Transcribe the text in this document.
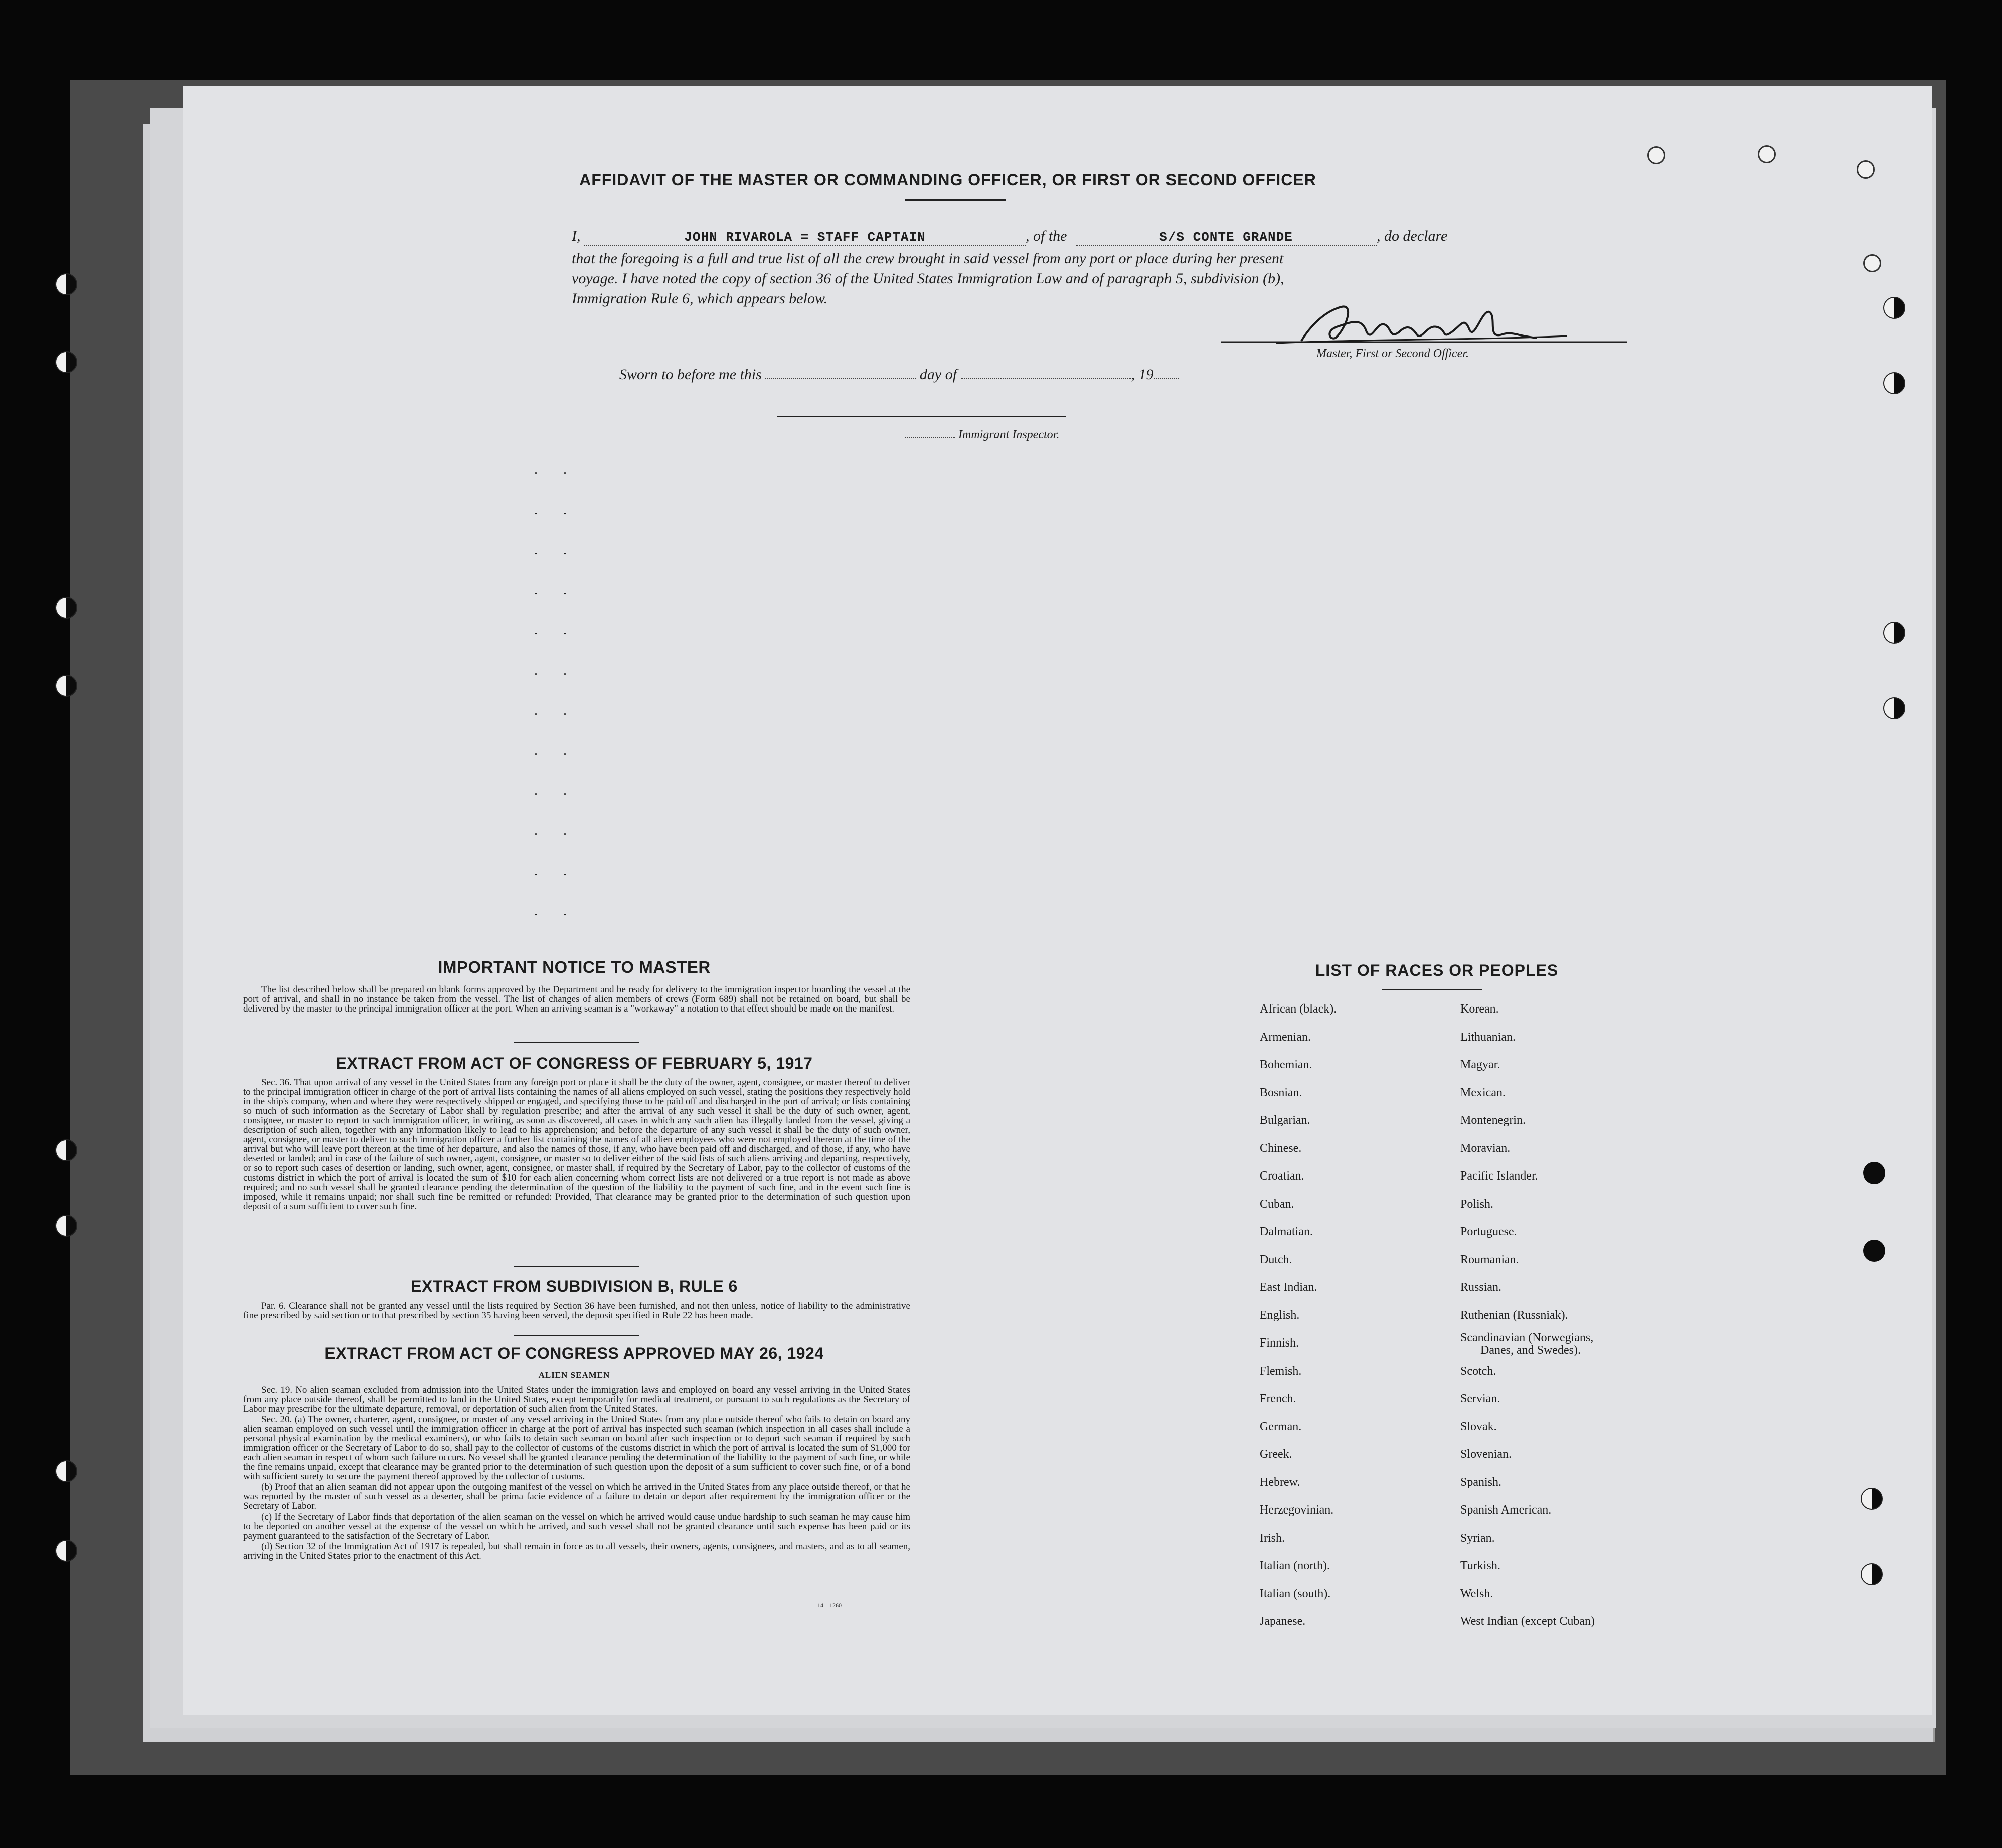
AFFIDAVIT OF THE MASTER OR COMMANDING OFFICER, OR FIRST OR SECOND OFFICER
I,	JOHN RIVAROLA = STAFF CAPTAIN	, of the	S/S CONTE GRANDE	, do declare
that the foregoing is a full and true list of all the crew brought in said vessel from any port or place during her present
voyage. I have noted the copy of section 36 of the United States Immigration Law and of paragraph 5, subdivision (b),
Immigration Rule 6, which appears below.
Master, First or Second Officer.
Sworn to before me this	day of	, 19
Immigrant Inspector.
. .
. .
. .
. .
. .
. .
. .
. .
. .
. .
. .
. .
IMPORTANT NOTICE TO MASTER

The list described below shall be prepared on blank forms approved by the Department and be ready for delivery to the immigration inspector boarding the vessel at the port of arrival, and shall in no instance be taken from the vessel. The list of changes of alien members of crews (Form 689) shall not be retained on board, but shall be delivered by the master to the principal immigration officer at the port. When an arriving seaman is a "workaway" a notation to that effect should be made on the manifest.

EXTRACT FROM ACT OF CONGRESS OF FEBRUARY 5, 1917

Sec. 36. That upon arrival of any vessel in the United States from any foreign port or place it shall be the duty of the owner, agent, consignee, or master thereof to deliver to the principal immigration officer in charge of the port of arrival lists containing the names of all aliens employed on such vessel, stating the positions they respectively hold in the ship's company, when and where they were respectively shipped or engaged, and specifying those to be paid off and discharged in the port of arrival; or lists containing so much of such information as the Secretary of Labor shall by regulation prescribe; and after the arrival of any such vessel it shall be the duty of such owner, agent, consignee, or master to report to such immigration officer, in writing, as soon as discovered, all cases in which any such alien has illegally landed from the vessel, giving a description of such alien, together with any information likely to lead to his apprehension; and before the departure of any such vessel it shall be the duty of such owner, agent, consignee, or master to deliver to such immigration officer a further list containing the names of all alien employees who were not employed thereon at the time of the arrival but who will leave port thereon at the time of her departure, and also the names of those, if any, who have been paid off and discharged, and of those, if any, who have deserted or landed; and in case of the failure of such owner, agent, consignee, or master so to deliver either of the said lists of such aliens arriving and departing, respectively, or so to report such cases of desertion or landing, such owner, agent, consignee, or master shall, if required by the Secretary of Labor, pay to the collector of customs of the customs district in which the port of arrival is located the sum of $10 for each alien concerning whom correct lists are not delivered or a true report is not made as above required; and no such vessel shall be granted clearance pending the determination of the question of the liability to the payment of such fine, and in the event such fine is imposed, while it remains unpaid; nor shall such fine be remitted or refunded: Provided, That clearance may be granted prior to the determination of such question upon deposit of a sum sufficient to cover such fine.

EXTRACT FROM SUBDIVISION B, RULE 6

Par. 6. Clearance shall not be granted any vessel until the lists required by Section 36 have been furnished, and not then unless, notice of liability to the administrative fine prescribed by said section or to that prescribed by section 35 having been served, the deposit specified in Rule 22 has been made.

EXTRACT FROM ACT OF CONGRESS APPROVED MAY 26, 1924
ALIEN SEAMEN

Sec. 19. No alien seaman excluded from admission into the United States under the immigration laws and employed on board any vessel arriving in the United States from any place outside thereof, shall be permitted to land in the United States, except temporarily for medical treatment, or pursuant to such regulations as the Secretary of Labor may prescribe for the ultimate departure, removal, or deportation of such alien from the United States.

Sec. 20. (a) The owner, charterer, agent, consignee, or master of any vessel arriving in the United States from any place outside thereof who fails to detain on board any alien seaman employed on such vessel until the immigration officer in charge at the port of arrival has inspected such seaman (which inspection in all cases shall include a personal physical examination by the medical examiners), or who fails to detain such seaman on board after such inspection or to deport such seaman if required by such immigration officer or the Secretary of Labor to do so, shall pay to the collector of customs of the customs district in which the port of arrival is located the sum of $1,000 for each alien seaman in respect of whom such failure occurs. No vessel shall be granted clearance pending the determination of the liability to the payment of such fine, or while the fine remains unpaid, except that clearance may be granted prior to the determination of such question upon the deposit of a sum sufficient to cover such fine, or of a bond with sufficient surety to secure the payment thereof approved by the collector of customs.

(b) Proof that an alien seaman did not appear upon the outgoing manifest of the vessel on which he arrived in the United States from any place outside thereof, or that he was reported by the master of such vessel as a deserter, shall be prima facie evidence of a failure to detain or deport after requirement by the immigration officer or the Secretary of Labor.

(c) If the Secretary of Labor finds that deportation of the alien seaman on the vessel on which he arrived would cause undue hardship to such seaman he may cause him to be deported on another vessel at the expense of the vessel on which he arrived, and such vessel shall not be granted clearance until such expense has been paid or its payment guaranteed to the satisfaction of the Secretary of Labor.

(d) Section 32 of the Immigration Act of 1917 is repealed, but shall remain in force as to all vessels, their owners, agents, consignees, and masters, and as to all seamen, arriving in the United States prior to the enactment of this Act.

14—1260
LIST OF RACES OR PEOPLES
African (black).
Armenian.
Bohemian.
Bosnian.
Bulgarian.
Chinese.
Croatian.
Cuban.
Dalmatian.
Dutch.
East Indian.
English.
Finnish.
Flemish.
French.
German.
Greek.
Hebrew.
Herzegovinian.
Irish.
Italian (north).
Italian (south).
Japanese.
Korean.
Lithuanian.
Magyar.
Mexican.
Montenegrin.
Moravian.
Pacific Islander.
Polish.
Portuguese.
Roumanian.
Russian.
Ruthenian (Russniak).
Scandinavian (Norwegians,
Danes, and Swedes).
Scotch.
Servian.
Slovak.
Slovenian.
Spanish.
Spanish American.
Syrian.
Turkish.
Welsh.
West Indian (except Cuban)
